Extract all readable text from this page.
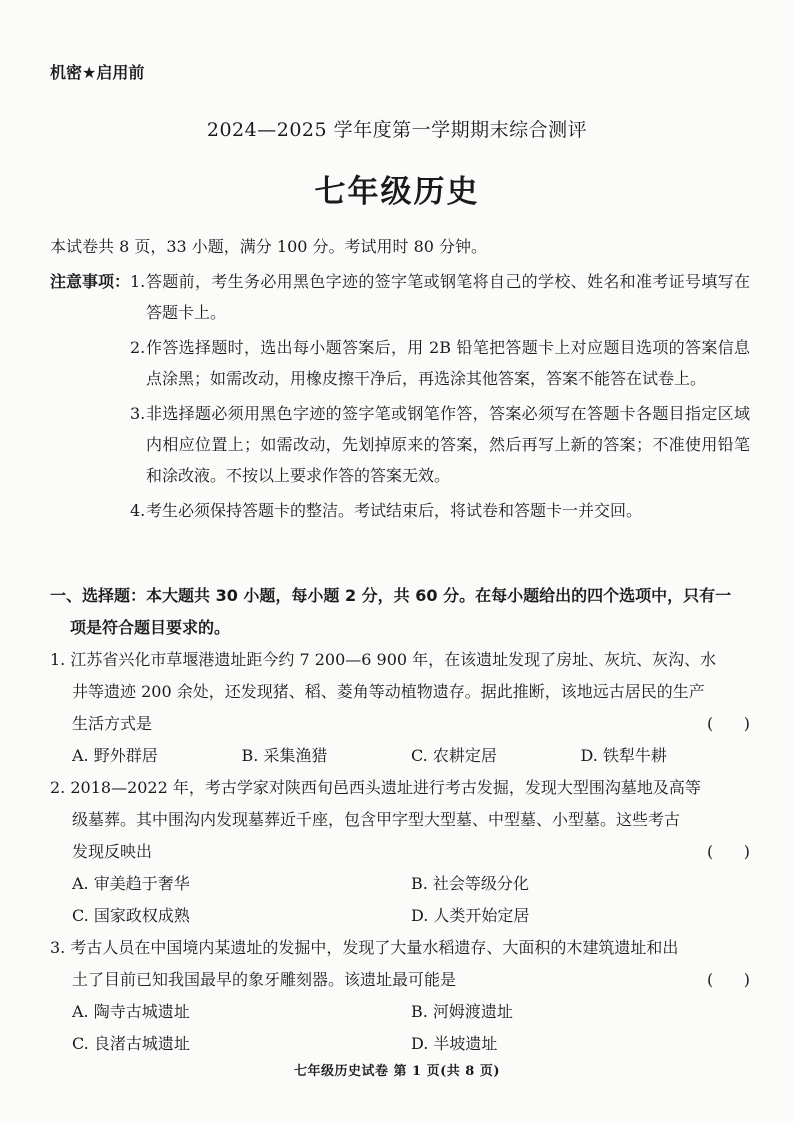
机密★启用前
2024—2025 学年度第一学期期末综合测评
七年级历史
本试卷共 8 页，33 小题，满分 100 分。考试用时 80 分钟。
注意事项： 1. 答题前，考生务必用黑色字迹的签字笔或钢笔将自己的学校、姓名和准考证号填写在答题卡上。
2. 作答选择题时，选出每小题答案后，用 2B 铅笔把答题卡上对应题目选项的答案信息点涂黑；如需改动，用橡皮擦干净后，再选涂其他答案，答案不能答在试卷上。
3. 非选择题必须用黑色字迹的签字笔或钢笔作答，答案必须写在答题卡各题目指定区域内相应位置上；如需改动，先划掉原来的答案，然后再写上新的答案；不准使用铅笔和涂改液。不按以上要求作答的答案无效。
4. 考生必须保持答题卡的整洁。考试结束后，将试卷和答题卡一并交回。
一、选择题：本大题共 30 小题，每小题 2 分，共 60 分。在每小题给出的四个选项中，只有一
项是符合题目要求的。
1. 江苏省兴化市草堰港遗址距今约 7 200—6 900 年，在该遗址发现了房址、灰坑、灰沟、水
井等遗迹 200 余处，还发现猪、稻、菱角等动植物遗存。据此推断，该地远古居民的生产
生活方式是	(      )
A. 野外群居	B. 采集渔猎	C. 农耕定居	D. 铁犁牛耕
2. 2018—2022 年，考古学家对陕西旬邑西头遗址进行考古发掘，发现大型围沟墓地及高等
级墓葬。其中围沟内发现墓葬近千座，包含甲字型大型墓、中型墓、小型墓。这些考古
发现反映出	(      )
A. 审美趋于奢华	B. 社会等级分化
C. 国家政权成熟	D. 人类开始定居
3. 考古人员在中国境内某遗址的发掘中，发现了大量水稻遗存、大面积的木建筑遗址和出
土了目前已知我国最早的象牙雕刻器。该遗址最可能是	(      )
A. 陶寺古城遗址	B. 河姆渡遗址
C. 良渚古城遗址	D. 半坡遗址
七年级历史试卷 第 1 页(共 8 页)
